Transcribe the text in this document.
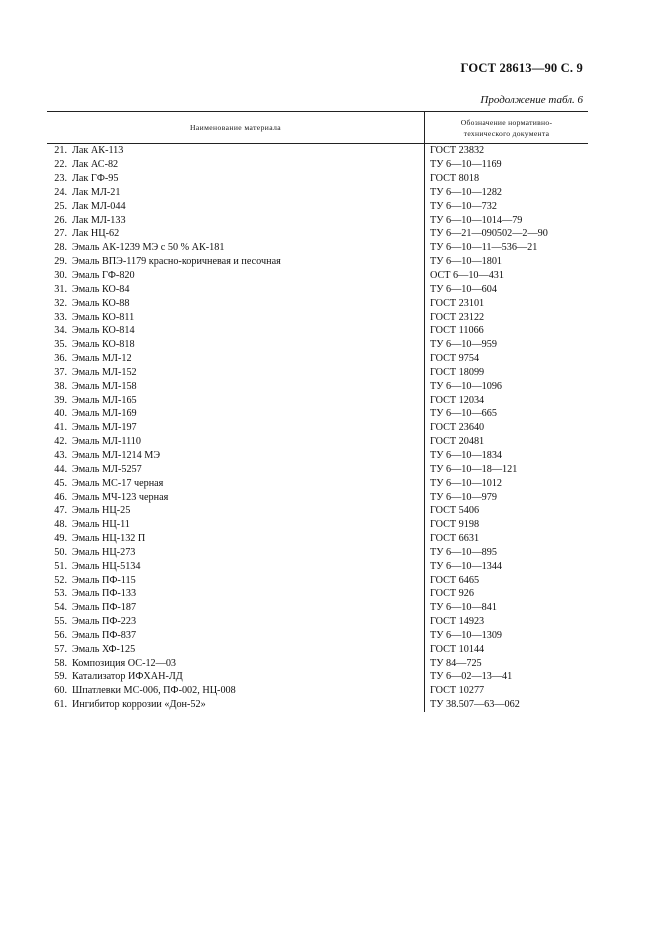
ГОСТ 28613—90 С. 9
Продолжение табл. 6
Наименование материала
Обозначение нормативно-
технического документа
21. Лак АК-113	ГОСТ 23832
22. Лак АС-82	ТУ 6—10—1169
23. Лак ГФ-95	ГОСТ 8018
24. Лак МЛ-21	ТУ 6—10—1282
25. Лак МЛ-044	ТУ 6—10—732
26. Лак МЛ-133	ТУ 6—10—1014—79
27. Лак НЦ-62	ТУ 6—21—090502—2—90
28. Эмаль АК-1239 МЭ с 50 % АК-181	ТУ 6—10—11—536—21
29. Эмаль ВПЭ-1179 красно-коричневая и песочная	ТУ 6—10—1801
30. Эмаль ГФ-820	ОСТ 6—10—431
31. Эмаль КО-84	ТУ 6—10—604
32. Эмаль КО-88	ГОСТ 23101
33. Эмаль КО-811	ГОСТ 23122
34. Эмаль КО-814	ГОСТ 11066
35. Эмаль КО-818	ТУ 6—10—959
36. Эмаль МЛ-12	ГОСТ 9754
37. Эмаль МЛ-152	ГОСТ 18099
38. Эмаль МЛ-158	ТУ 6—10—1096
39. Эмаль МЛ-165	ГОСТ 12034
40. Эмаль МЛ-169	ТУ 6—10—665
41. Эмаль МЛ-197	ГОСТ 23640
42. Эмаль МЛ-1110	ГОСТ 20481
43. Эмаль МЛ-1214 МЭ	ТУ 6—10—1834
44. Эмаль МЛ-5257	ТУ 6—10—18—121
45. Эмаль МС-17 черная	ТУ 6—10—1012
46. Эмаль МЧ-123 черная	ТУ 6—10—979
47. Эмаль НЦ-25	ГОСТ 5406
48. Эмаль НЦ-11	ГОСТ 9198
49. Эмаль НЦ-132 П	ГОСТ 6631
50. Эмаль НЦ-273	ТУ 6—10—895
51. Эмаль НЦ-5134	ТУ 6—10—1344
52. Эмаль ПФ-115	ГОСТ 6465
53. Эмаль ПФ-133	ГОСТ 926
54. Эмаль ПФ-187	ТУ 6—10—841
55. Эмаль ПФ-223	ГОСТ 14923
56. Эмаль ПФ-837	ТУ 6—10—1309
57. Эмаль ХФ-125	ГОСТ 10144
58. Композиция ОС-12—03	ТУ 84—725
59. Катализатор ИФХАН-ЛД	ТУ 6—02—13—41
60. Шпатлевки МС-006, ПФ-002, НЦ-008	ГОСТ 10277
61. Ингибитор коррозии «Дон-52»	ТУ 38.507—63—062
